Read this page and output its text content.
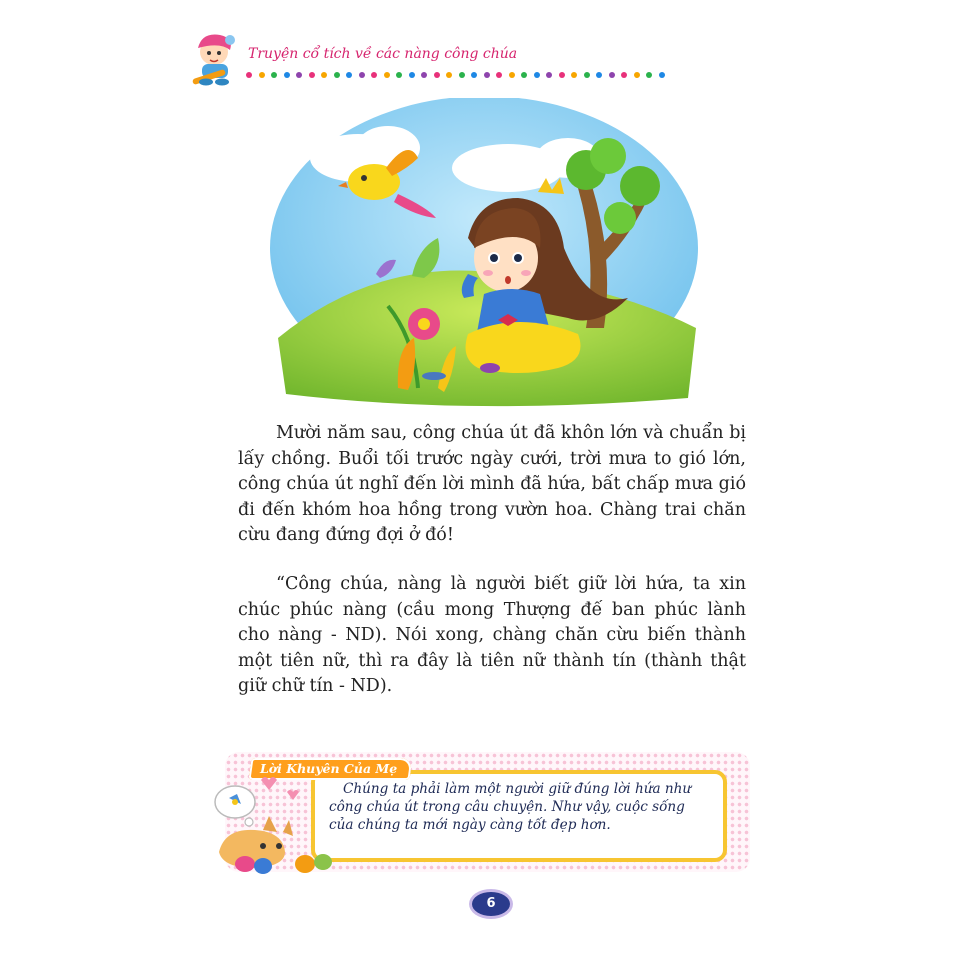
Truyện cổ tích về các nàng công chúa

Mười năm sau, công chúa út đã khôn lớn và chuẩn bị lấy chồng. Buổi tối trước ngày cưới, trời mưa to gió lớn, công chúa út nghĩ đến lời mình đã hứa, bất chấp mưa gió đi đến khóm hoa hồng trong vườn hoa. Chàng trai chăn cừu đang đứng đợi ở đó!

“Công chúa, nàng là người biết giữ lời hứa, ta xin chúc phúc nàng (cầu mong Thượng đế ban phúc lành cho nàng - ND). Nói xong, chàng chăn cừu biến thành một tiên nữ, thì ra đây là tiên nữ thành tín (thành thật giữ chữ tín - ND).

Lời Khuyên Của Mẹ

Chúng ta phải làm một người giữ đúng lời hứa như công chúa út trong câu chuyện. Như vậy, cuộc sống của chúng ta mới ngày càng tốt đẹp hơn.

6
